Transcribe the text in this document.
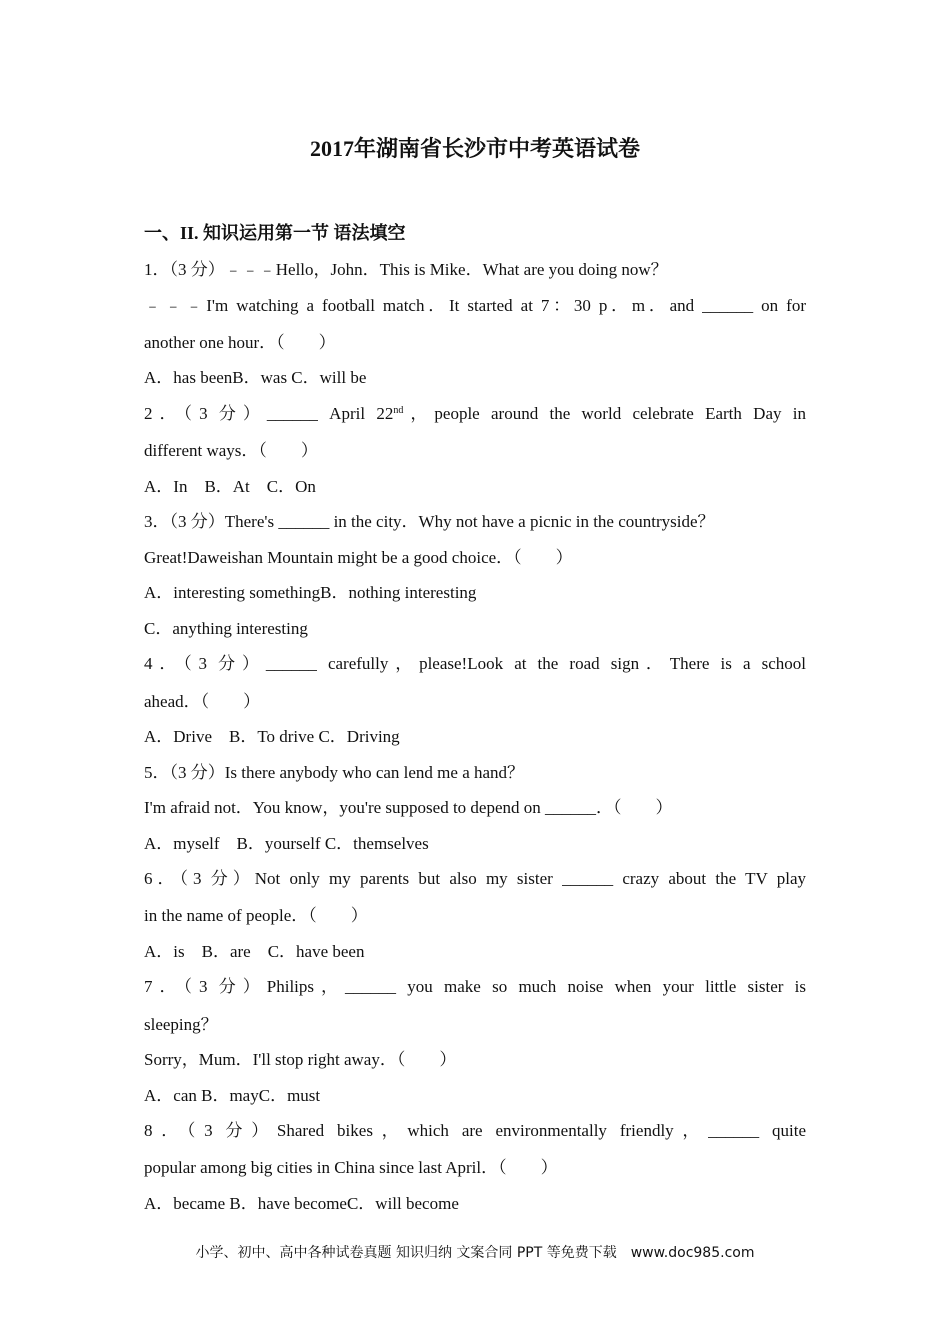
2017年湖南省长沙市中考英语试卷
一、II. 知识运用第一节 语法填空
1．（3 分）﹣﹣﹣Hello，John．This is Mike．What are you doing now？
﹣﹣﹣I'm watching a football match．It started at 7：30 p．m．and ______ on for
another one hour．（　　）
A．has beenB．was C．will be
2．（3 分）______ April 22nd，people around the world celebrate Earth Day in
different ways．（　　）
A．In　B．At　C．On
3．（3 分）There's ______ in the city．Why not have a picnic in the countryside？
Great!Daweishan Mountain might be a good choice．（　　）
A．interesting somethingB．nothing interesting
C．anything interesting
4．（3 分）______ carefully，please!Look at the road sign．There is a school
ahead．（　　）
A．Drive　B．To drive C．Driving
5．（3 分）Is there anybody who can lend me a hand？
I'm afraid not．You know，you're supposed to depend on ______．（　　）
A．myself　B．yourself C．themselves
6．（3 分）Not only my parents but also my sister ______ crazy about the TV play
in the name of people．（　　）
A．is　B．are　C．have been
7．（3 分）Philips，______ you make so much noise when your little sister is
sleeping？
Sorry，Mum．I'll stop right away．（　　）
A．can B．mayC．must
8．（3 分）Shared bikes，which are environmentally friendly，______ quite
popular among big cities in China since last April．（　　）
A．became B．have becomeC．will become
小学、初中、高中各种试卷真题 知识归纳 文案合同 PPT 等免费下载　www.doc985.com
